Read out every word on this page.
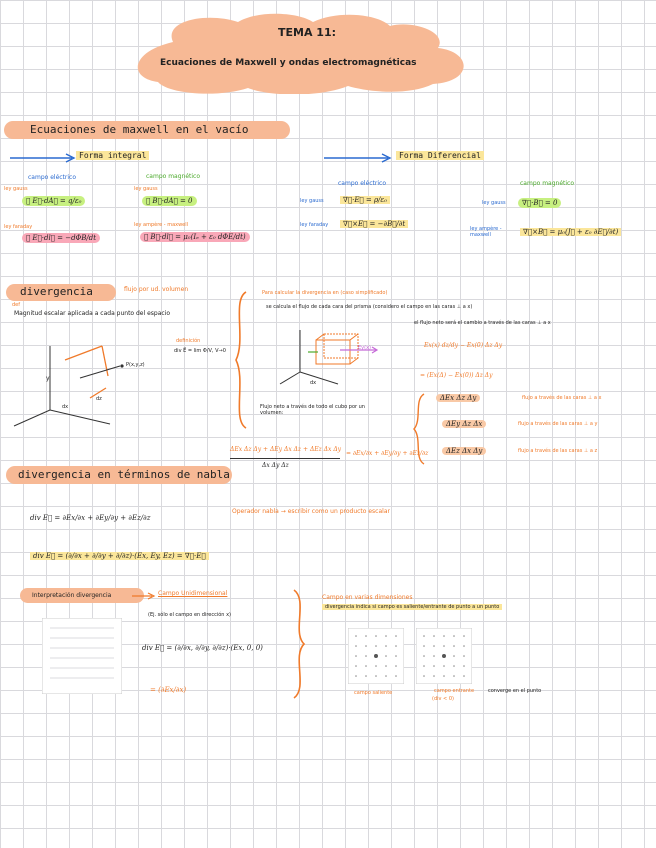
TEMA 11:
Ecuaciones de Maxwell y ondas electromagnéticas
Ecuaciones de maxwell en el vacío
Forma integral	Forma Diferencial
campo eléctrico	campo magnético
ley gauss
∮ E⃗·dA⃗ = q/ε₀
ley faraday
∮ E⃗·dl⃗ = −dΦB/dt
ley gauss
∮ B⃗·dA⃗ = 0
ley ampère - maxwell
∮ B⃗·dl⃗ = μ₀(Iₑ + ε₀ dΦE/dt)
campo eléctrico	campo magnético
ley gauss	∇⃗·E⃗ = ρ/ε₀
ley faraday	∇⃗×E⃗ = −∂B⃗/∂t
ley gauss	∇⃗·B⃗ = 0
ley ampère - maxwell	∇⃗×B⃗ = μ₀(J⃗ + ε₀ ∂E⃗/∂t)
divergencia	flujo por ud. volumen
def
Magnitud escalar aplicada a cada punto del espacio
definición
div E⃗ = lim Φ/V, V→0
P(x,y,z)
y
dz
dx
Para calcular la divergencia en (caso simplificado)
se calcula el flujo de cada cara del prisma (considero el campo en las caras ⊥ a x)
el flujo neto será el cambio a través de las caras ⊥ a x
Ey(x)
dx
Ex(x) dz/dy − Ex(0) Δz Δy
= (Ex(Δ) − Ex(0)) Δz Δy
Flujo neto a través de todo el cubo por un volumen:
ΔEx Δz Δy
ΔEy Δz Δx
ΔEz Δx Δy
flujo a través de las caras ⊥ a x
flujo a través de las caras ⊥ a y
flujo a través de las caras ⊥ a z
ΔEx Δz Δy + ΔEy Δx Δz + ΔEz Δx Δy
Δx Δy Δz
= ∂Ex/∂x + ∂Ey/∂y + ∂Ez/∂z
divergencia en términos de nabla
div E⃗ = ∂Ex/∂x + ∂Ey/∂y + ∂Ez/∂z
div E⃗ = (∂/∂x + ∂/∂y + ∂/∂z)·(Ex, Ey, Ez) = ∇⃗·E⃗
Operador nabla → escribir como un producto escalar
Interpretación divergencia	Campo Unidimensional
(Ej. sólo el campo en dirección x)
div E⃗ = (∂/∂x, ∂/∂y, ∂/∂z)·(Ex, 0, 0)
= (∂Ex/∂x)
Campo en varias dimensiones
divergencia indica si campo es saliente/entrante de punto a un punto
campo saliente	campo entrante
(div < 0)
converge en el punto
